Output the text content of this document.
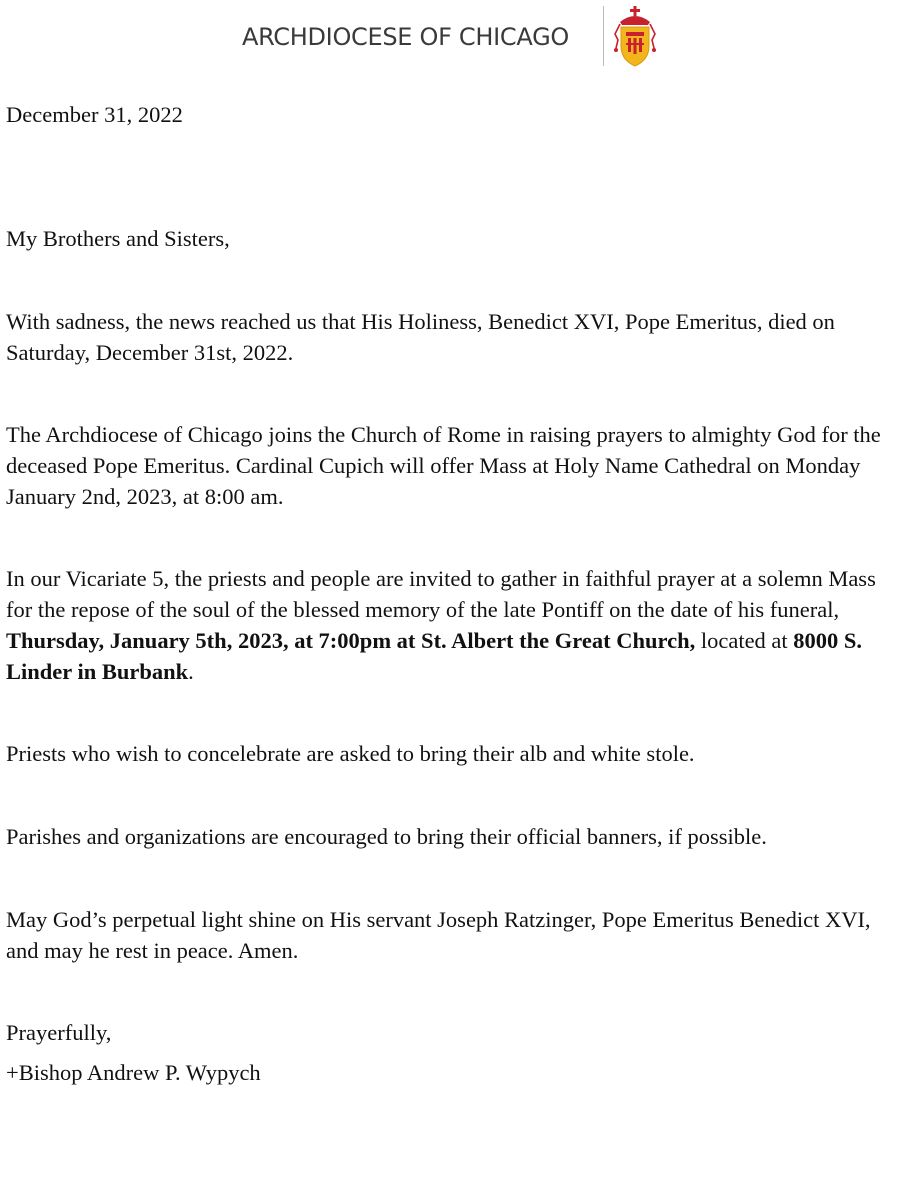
ARCHDIOCESE OF CHICAGO

December 31, 2022

My Brothers and Sisters,

With sadness, the news reached us that His Holiness, Benedict XVI, Pope Emeritus, died on Saturday, December 31st, 2022.

The Archdiocese of Chicago joins the Church of Rome in raising prayers to almighty God for the deceased Pope Emeritus. Cardinal Cupich will offer Mass at Holy Name Cathedral on Monday January 2nd, 2023, at 8:00 am.

In our Vicariate 5, the priests and people are invited to gather in faithful prayer at a solemn Mass for the repose of the soul of the blessed memory of the late Pontiff on the date of his funeral, Thursday, January 5th, 2023, at 7:00pm at St. Albert the Great Church, located at 8000 S. Linder in Burbank.

Priests who wish to concelebrate are asked to bring their alb and white stole.

Parishes and organizations are encouraged to bring their official banners, if possible.

May God’s perpetual light shine on His servant Joseph Ratzinger, Pope Emeritus Benedict XVI, and may he rest in peace. Amen.

Prayerfully,

+Bishop Andrew P. Wypych
